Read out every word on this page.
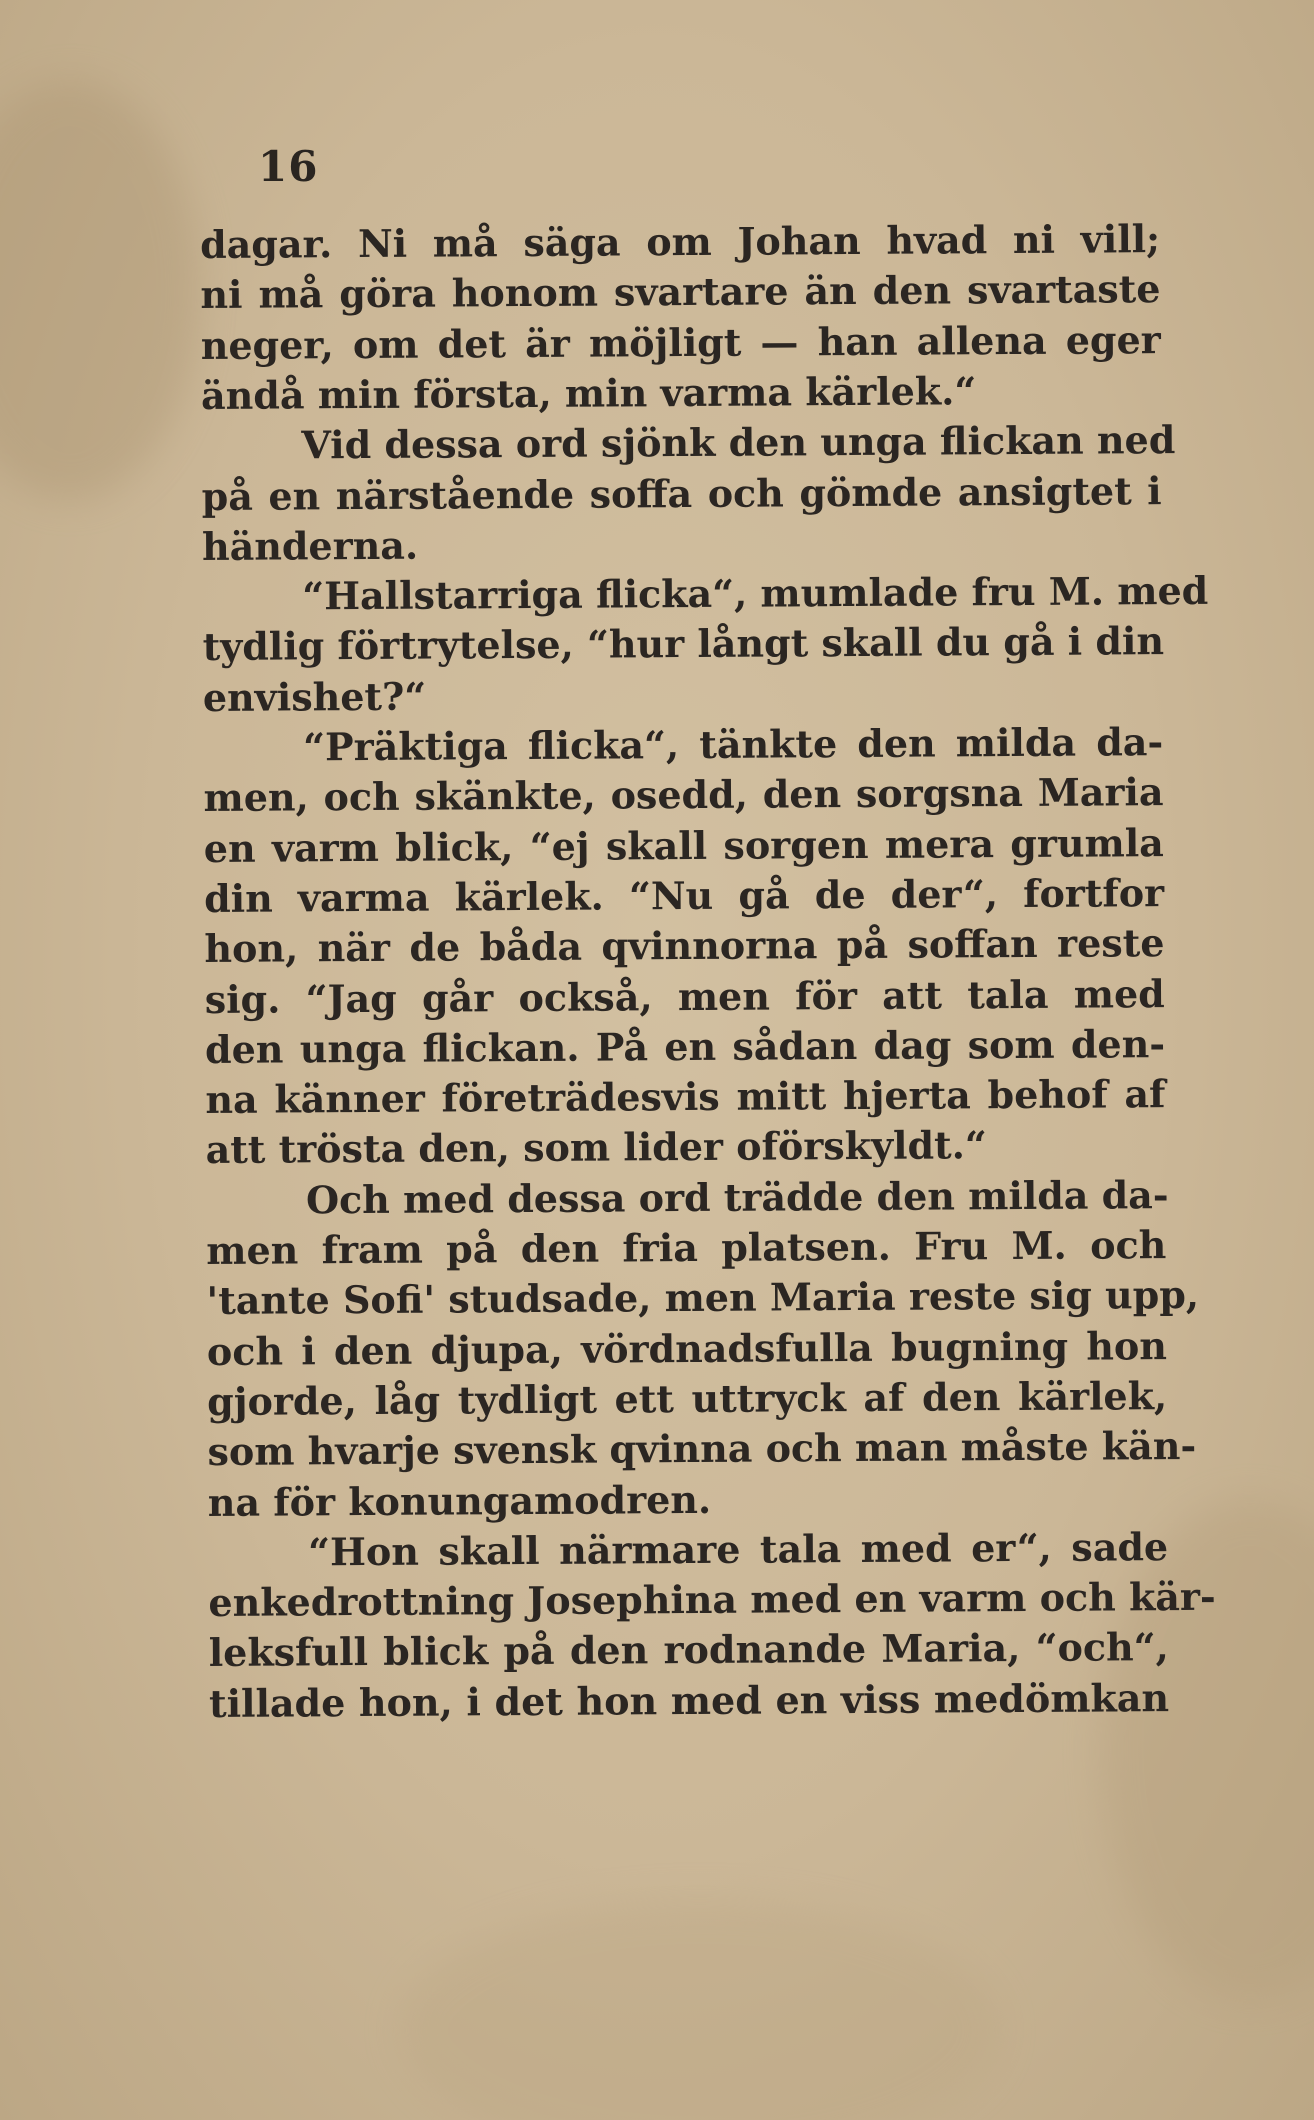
16
dagar. Ni må säga om Johan hvad ni vill;
ni må göra honom svartare än den svartaste
neger, om det är möjligt — han allena eger
ändå min första, min varma kärlek.“
Vid dessa ord sjönk den unga flickan ned
på en närstående soffa och gömde ansigtet i
händerna.
“Hallstarriga flicka“, mumlade fru M. med
tydlig förtrytelse, “hur långt skall du gå i din
envishet?“
“Präktiga flicka“, tänkte den milda da-
men, och skänkte, osedd, den sorgsna Maria
en varm blick, “ej skall sorgen mera grumla
din varma kärlek. “Nu gå de der“, fortfor
hon, när de båda qvinnorna på soffan reste
sig. “Jag går också, men för att tala med
den unga flickan. På en sådan dag som den-
na känner företrädesvis mitt hjerta behof af
att trösta den, som lider oförskyldt.“
Och med dessa ord trädde den milda da-
men fram på den fria platsen. Fru M. och
'tante Sofi' studsade, men Maria reste sig upp,
och i den djupa, vördnadsfulla bugning hon
gjorde, låg tydligt ett uttryck af den kärlek,
som hvarje svensk qvinna och man måste kän-
na för konungamodren.
“Hon skall närmare tala med er“, sade
enkedrottning Josephina med en varm och kär-
leksfull blick på den rodnande Maria, “och“,
tillade hon, i det hon med en viss medömkan
